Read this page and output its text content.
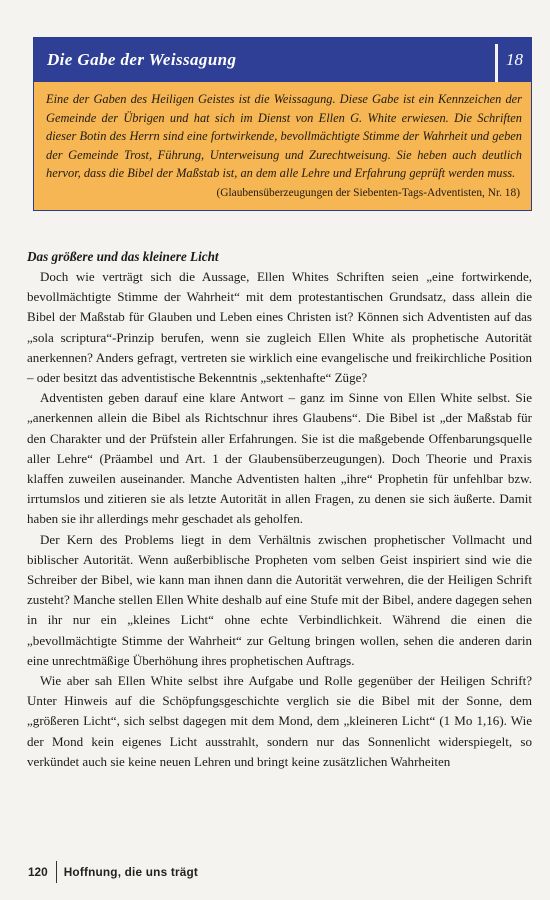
Die Gabe der Weissagung	18
Eine der Gaben des Heiligen Geistes ist die Weissagung. Diese Gabe ist ein Kennzeichen der Gemeinde der Übrigen und hat sich im Dienst von Ellen G. White erwiesen. Die Schriften dieser Botin des Herrn sind eine fortwirkende, bevollmächtigte Stimme der Wahrheit und geben der Gemeinde Trost, Führung, Unterweisung und Zurechtweisung. Sie heben auch deutlich hervor, dass die Bibel der Maßstab ist, an dem alle Lehre und Erfahrung geprüft werden muss.
(Glaubensüberzeugungen der Siebenten-Tags-Adventisten, Nr. 18)
Das größere und das kleinere Licht

Doch wie verträgt sich die Aussage, Ellen Whites Schriften seien „eine fortwirkende, bevollmächtigte Stimme der Wahrheit“ mit dem protestantischen Grundsatz, dass allein die Bibel der Maßstab für Glauben und Leben eines Christen ist? Können sich Adventisten auf das „sola scriptura“-Prinzip berufen, wenn sie zugleich Ellen White als prophetische Autorität anerkennen? Anders gefragt, vertreten sie wirklich eine evangelische und freikirchliche Position – oder besitzt das adventistische Bekenntnis „sektenhafte“ Züge?

Adventisten geben darauf eine klare Antwort – ganz im Sinne von Ellen White selbst. Sie „anerkennen allein die Bibel als Richtschnur ihres Glaubens“. Die Bibel ist „der Maßstab für den Charakter und der Prüfstein aller Erfahrungen. Sie ist die maßgebende Offenbarungsquelle aller Lehre“ (Präambel und Art. 1 der Glaubensüberzeugungen). Doch Theorie und Praxis klaffen zuweilen auseinander. Manche Adventisten halten „ihre“ Prophetin für unfehlbar bzw. irrtumslos und zitieren sie als letzte Autorität in allen Fragen, zu denen sie sich äußerte. Damit haben sie ihr allerdings mehr geschadet als geholfen.

Der Kern des Problems liegt in dem Verhältnis zwischen prophetischer Vollmacht und biblischer Autorität. Wenn außerbiblische Propheten vom selben Geist inspiriert sind wie die Schreiber der Bibel, wie kann man ihnen dann die Autorität verwehren, die der Heiligen Schrift zusteht? Manche stellen Ellen White deshalb auf eine Stufe mit der Bibel, andere dagegen sehen in ihr nur ein „kleines Licht“ ohne echte Verbindlichkeit. Während die einen die „bevollmächtigte Stimme der Wahrheit“ zur Geltung bringen wollen, sehen die anderen darin eine unrechtmäßige Überhöhung ihres prophetischen Auftrags.

Wie aber sah Ellen White selbst ihre Aufgabe und Rolle gegenüber der Heiligen Schrift? Unter Hinweis auf die Schöpfungsgeschichte verglich sie die Bibel mit der Sonne, dem „größeren Licht“, sich selbst dagegen mit dem Mond, dem „kleineren Licht“ (1 Mo 1,16). Wie der Mond kein eigenes Licht ausstrahlt, sondern nur das Sonnenlicht widerspiegelt, so verkündet auch sie keine neuen Lehren und bringt keine zusätzlichen Wahrheiten

120 Hoffnung, die uns trägt
